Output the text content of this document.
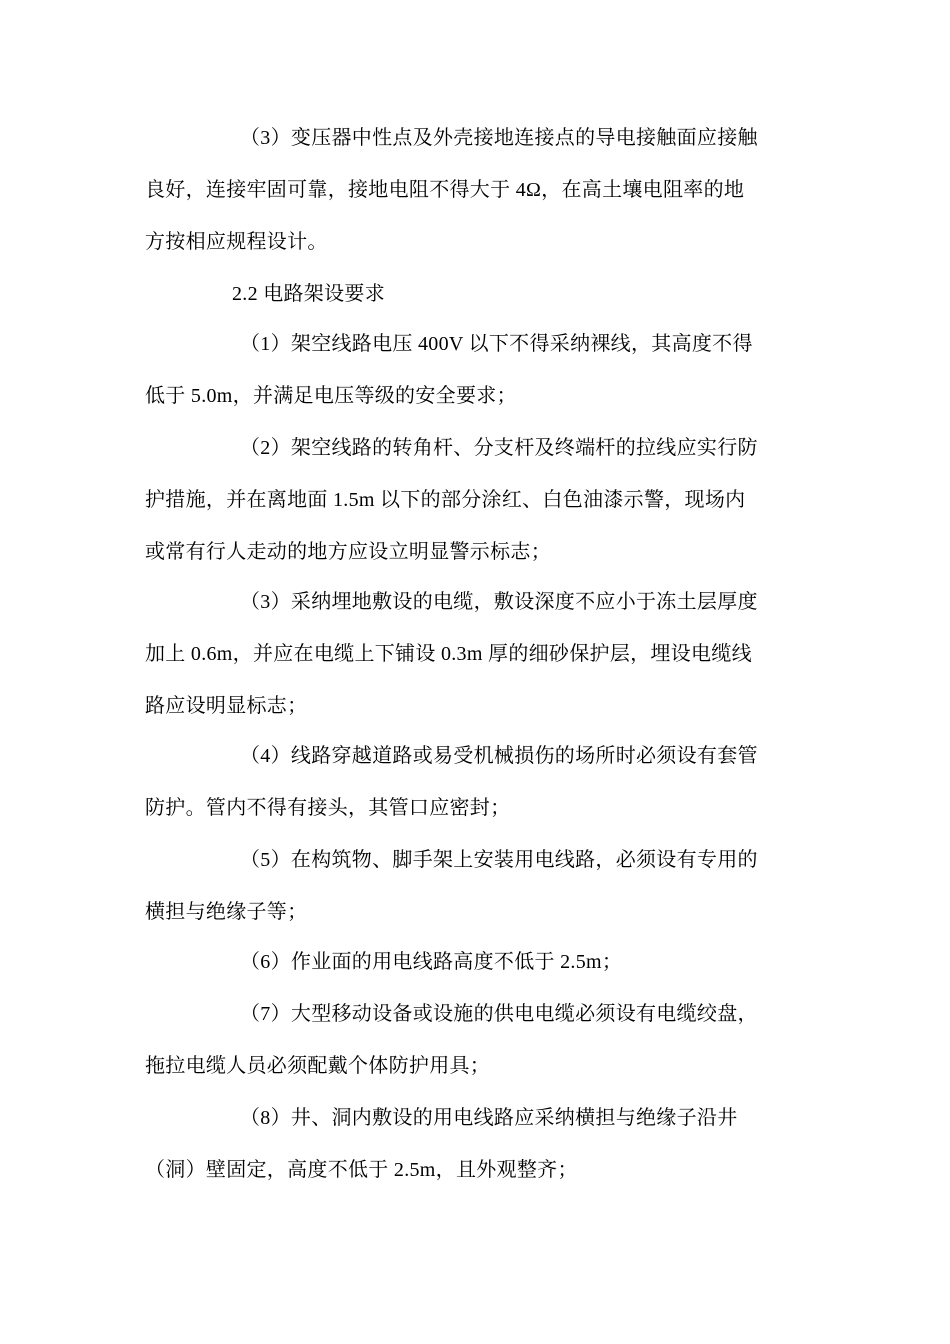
（3）变压器中性点及外壳接地连接点的导电接触面应接触
良好，连接牢固可靠，接地电阻不得大于 4Ω，在高土壤电阻率的地
方按相应规程设计。
2.2 电路架设要求
（1）架空线路电压 400V 以下不得采纳裸线，其高度不得
低于 5.0m，并满足电压等级的安全要求；
（2）架空线路的转角杆、分支杆及终端杆的拉线应实行防
护措施，并在离地面 1.5m 以下的部分涂红、白色油漆示警，现场内
或常有行人走动的地方应设立明显警示标志；
（3）采纳埋地敷设的电缆，敷设深度不应小于冻土层厚度
加上 0.6m，并应在电缆上下铺设 0.3m 厚的细砂保护层，埋设电缆线
路应设明显标志；
（4）线路穿越道路或易受机械损伤的场所时必须设有套管
防护。管内不得有接头，其管口应密封；
（5）在构筑物、脚手架上安装用电线路，必须设有专用的
横担与绝缘子等；
（6）作业面的用电线路高度不低于 2.5m；
（7）大型移动设备或设施的供电电缆必须设有电缆绞盘，
拖拉电缆人员必须配戴个体防护用具；
（8）井、洞内敷设的用电线路应采纳横担与绝缘子沿井
（洞）壁固定，高度不低于 2.5m，且外观整齐；
